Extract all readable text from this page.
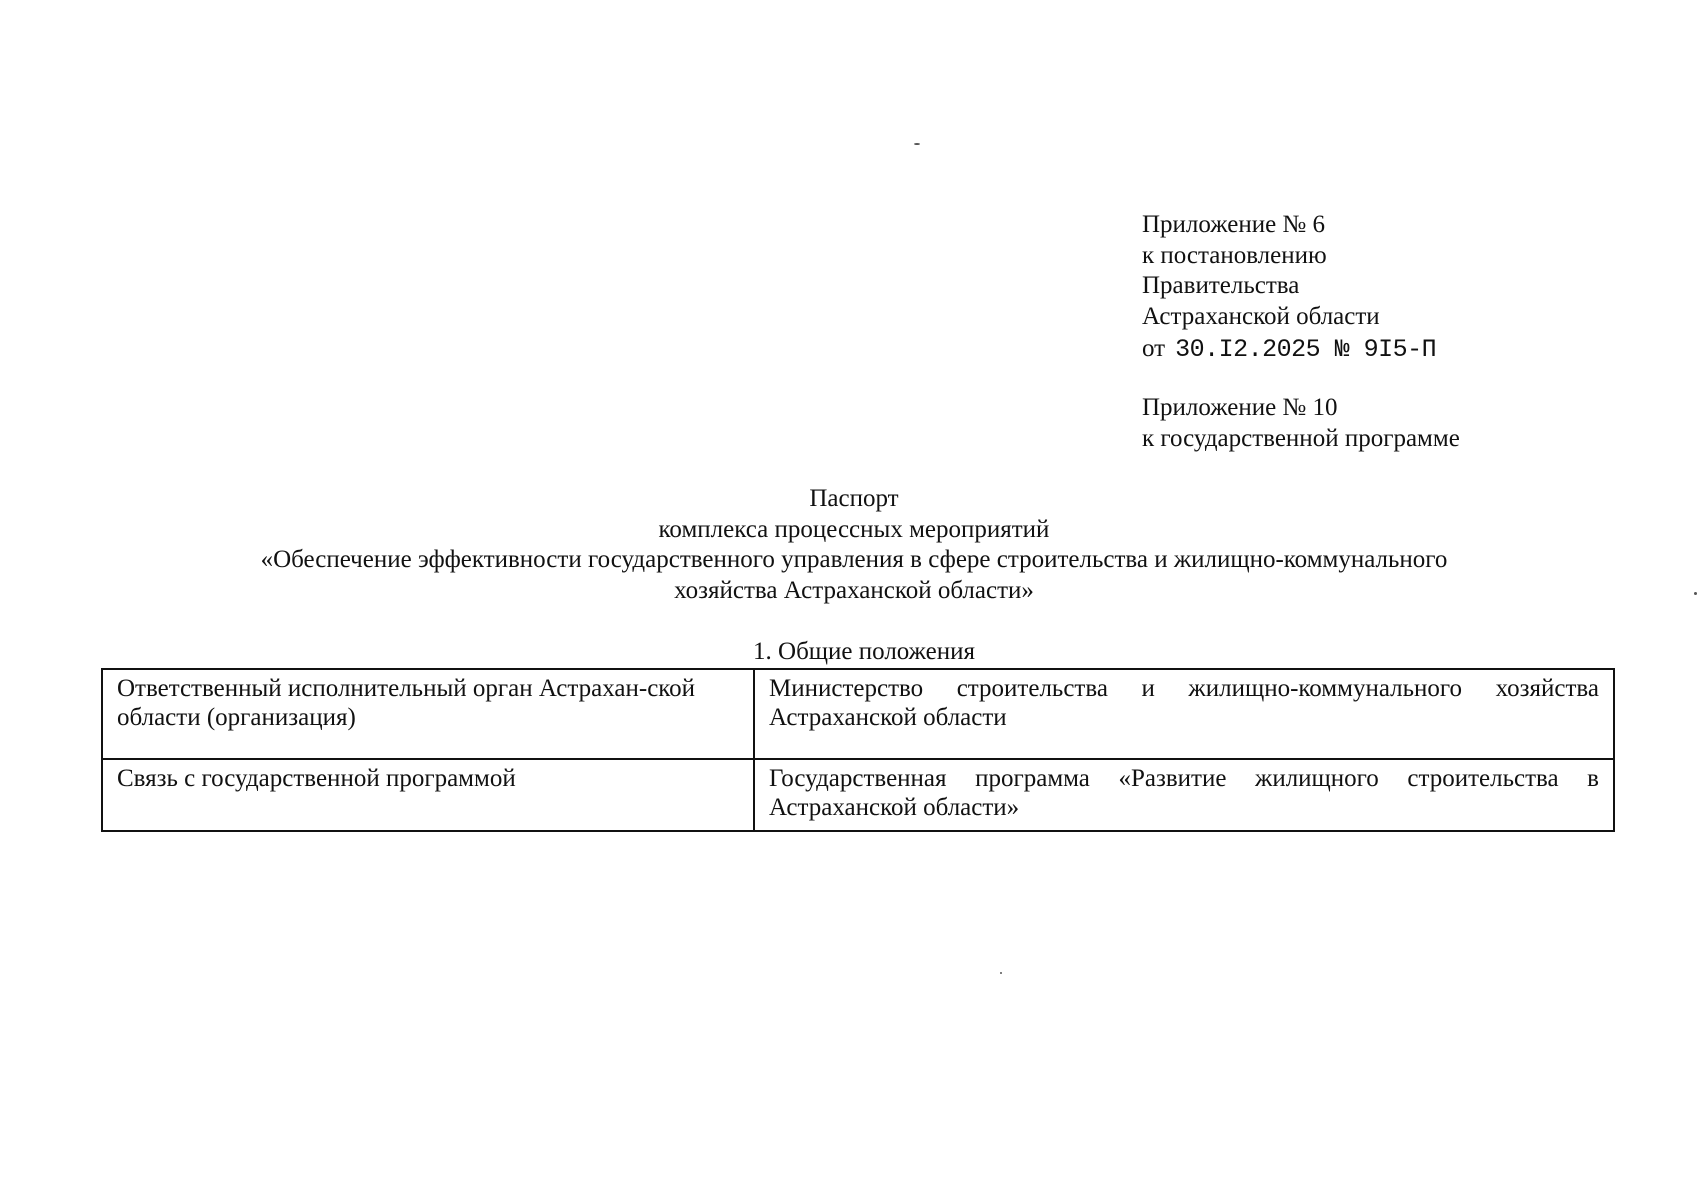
Приложение № 6
к постановлению
Правительства
Астраханской области
от 30.I2.2025 № 9I5-П
Приложение № 10
к государственной программе
Паспорт
комплекса процессных мероприятий
«Обеспечение эффективности государственного управления в сфере строительства и жилищно-коммунального
хозяйства Астраханской области»
1. Общие положения
Ответственный исполнительный орган Астрахан-ской области (организация)	Министерство строительства и жилищно-коммунального хозяйства Астраханской области
Связь с государственной программой	Государственная программа «Развитие жилищного строительства в Астраханской области»
